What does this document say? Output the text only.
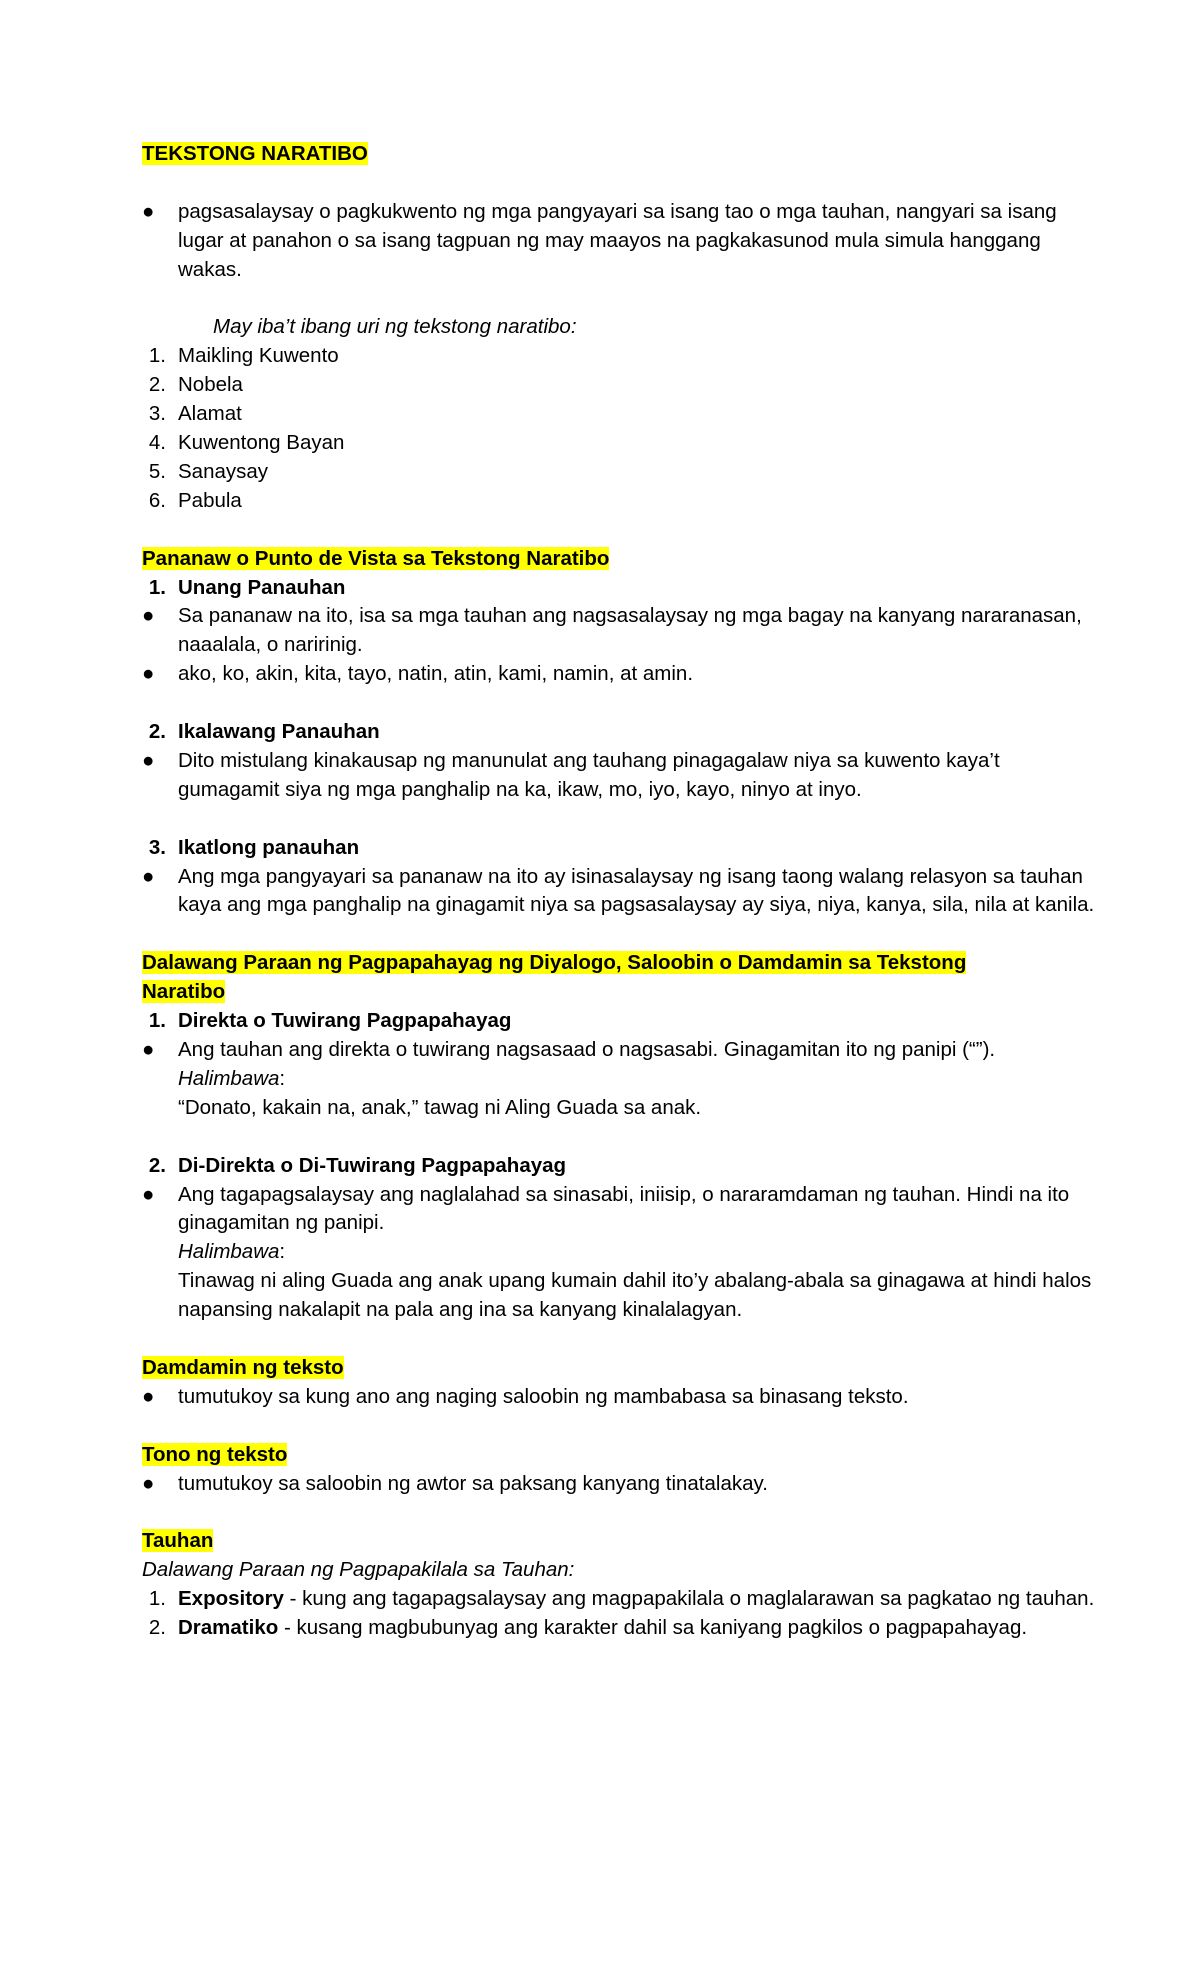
TEKSTONG NARATIBO

●	pagsasalaysay o pagkukwento ng mga pangyayari sa isang tao o mga tauhan, nangyari sa isang lugar at panahon o sa isang tagpuan ng may maayos na pagkakasunod mula simula hanggang wakas.

May iba’t ibang uri ng tekstong naratibo:

1. Maikling Kuwento
2. Nobela
3. Alamat
4. Kuwentong Bayan
5. Sanaysay
6. Pabula

Pananaw o Punto de Vista sa Tekstong Naratibo

1. Unang Panauhan
●	Sa pananaw na ito, isa sa mga tauhan ang nagsasalaysay ng mga bagay na kanyang nararanasan, naaalala, o naririnig.
●	ako, ko, akin, kita, tayo, natin, atin, kami, namin, at amin.
2. Ikalawang Panauhan
●	Dito mistulang kinakausap ng manunulat ang tauhang pinagagalaw niya sa kuwento kaya’t gumagamit siya ng mga panghalip na ka, ikaw, mo, iyo, kayo, ninyo at inyo.
3. Ikatlong panauhan
●	Ang mga pangyayari sa pananaw na ito ay isinasalaysay ng isang taong walang relasyon sa tauhan kaya ang mga panghalip na ginagamit niya sa pagsasalaysay ay siya, niya, kanya, sila, nila at kanila.

Dalawang Paraan ng Pagpapahayag ng Diyalogo, Saloobin o Damdamin sa Tekstong
Naratibo

1. Direkta o Tuwirang Pagpapahayag
●	Ang tauhan ang direkta o tuwirang nagsasaad o nagsasabi. Ginagamitan ito ng panipi (“”).

Halimbawa:

“Donato, kakain na, anak,” tawag ni Aling Guada sa anak.

2. Di-Direkta o Di-Tuwirang Pagpapahayag
●	Ang tagapagsalaysay ang naglalahad sa sinasabi, iniisip, o nararamdaman ng tauhan. Hindi na ito ginagamitan ng panipi.

Halimbawa:

Tinawag ni aling Guada ang anak upang kumain dahil ito’y abalang-abala sa ginagawa at hindi halos napansing nakalapit na pala ang ina sa kanyang kinalalagyan.

Damdamin ng teksto

●	tumutukoy sa kung ano ang naging saloobin ng mambabasa sa binasang teksto.

Tono ng teksto

●	tumutukoy sa saloobin ng awtor sa paksang kanyang tinatalakay.

Tauhan

Dalawang Paraan ng Pagpapakilala sa Tauhan:

1. Expository - kung ang tagapagsalaysay ang magpapakilala o maglalarawan sa pagkatao ng tauhan.
2. Dramatiko - kusang magbubunyag ang karakter dahil sa kaniyang pagkilos o pagpapahayag.
